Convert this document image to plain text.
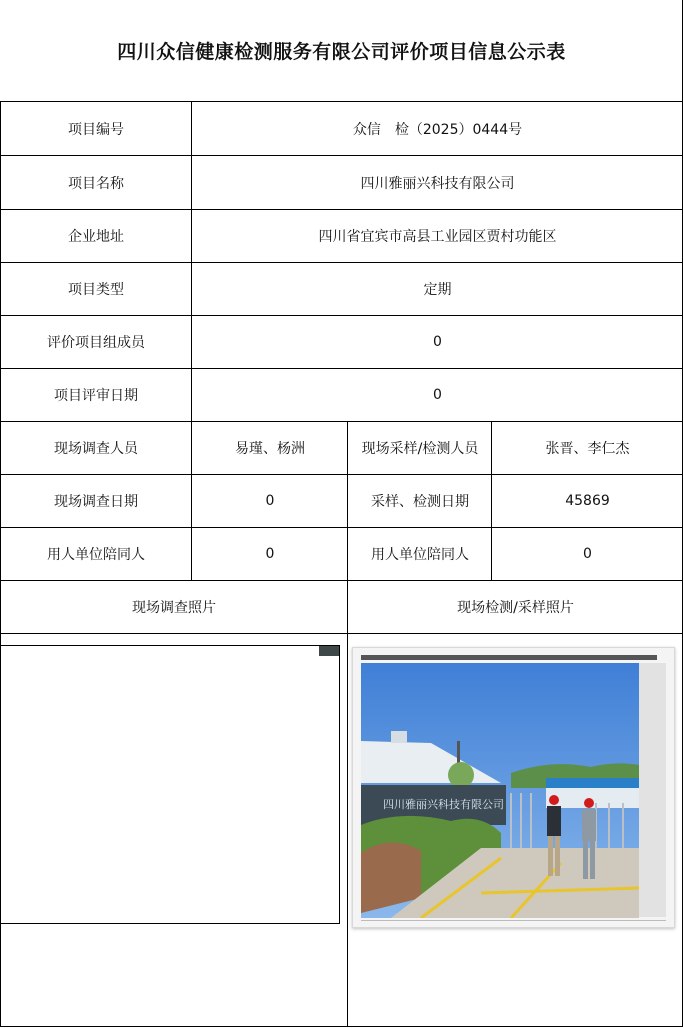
四川众信健康检测服务有限公司评价项目信息公示表
项目编号	众信　检（2025）0444号
项目名称	四川雅丽兴科技有限公司
企业地址	四川省宜宾市高县工业园区贾村功能区
项目类型	定期
评价项目组成员	0
项目评审日期	0
现场调查人员	易瑾、杨洲	现场采样/检测人员	张晋、李仁杰
现场调查日期	0	采样、检测日期	45869
用人单位陪同人	0	用人单位陪同人	0
现场调查照片	现场检测/采样照片
四川雅丽兴科技有限公司
